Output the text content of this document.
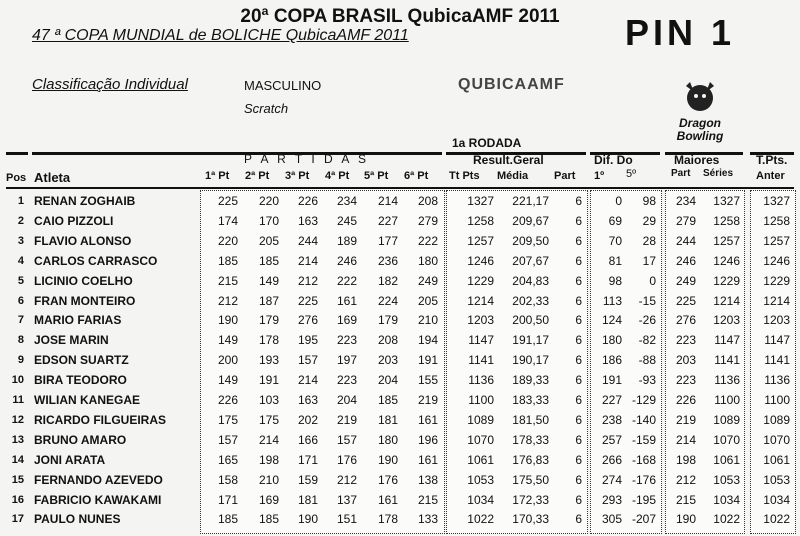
20ª COPA BRASIL QubicaAMF 2011
47 ª COPA MUNDIAL de BOLICHE QubicaAMF 2011
Classificação Individual	MASCULINO
Scratch
QUBICAAMF
PIN 1
Dragon Bowling
1a RODADA
P A R T I D A S	Result.Geral	Dif. Do	Maiores	T.Pts.
Pos Atleta	1ª Pt 2ª Pt 3ª Pt 4ª Pt 5ª Pt 6ª Pt Tt Pts Média Part 1º 5º	Part Séries Anter
1 RENAN ZOGHAIB	225 220 226 234 214 208 1327 221,17 6	0 98 234 1327 1327
2 CAIO PIZZOLI	174 170 163 245 227 279 1258 209,67 6 69 29 279 1258 1258
3 FLAVIO ALONSO	220 205 244 189 177 222 1257 209,50 6 70 28 244 1257 1257
4 CARLOS CARRASCO	185 185 214 246 236 180 1246 207,67 6 81 17 246 1246 1246
5 LICINIO COELHO	215 149 212 222 182 249 1229 204,83 6 98 0 249 1229 1229
6 FRAN MONTEIRO	212 187 225 161 224 205 1214 202,33 6 113 -15 225 1214 1214
7 MARIO FARIAS	190 179 276 169 179 210 1203 200,50 6 124 -26 276 1203 1203
8 JOSE MARIN	149 178 195 223 208 194	1147 191,17 6 180 -82 223 1147 1147
9 EDSON SUARTZ	200 193 157 197 203 191	1141 190,17 6 186 -88 203 1141 1141
10 BIRA TEODORO	149 191 214 223 204 155	1136 189,33 6 191 -93 223 1136 1136
11 WILIAN KANEGAE	226 103 163 204 185 219	1100 183,33 6 227 -129 226 1100 1100
12 RICARDO FILGUEIRAS	175 175 202 219 181 161 1089 181,50 6 238 -140 219 1089 1089
13 BRUNO AMARO	157 214 166 157 180 196 1070 178,33 6 257 -159 214 1070 1070
14 JONI ARATA	165 198 171 176 190 161 1061 176,83 6 266 -168 198 1061 1061
15 FERNANDO AZEVEDO	158 210 159 212 176 138 1053 175,50 6 274 -176 212 1053 1053
16 FABRICIO KAWAKAMI	171 169 181 137 161 215 1034 172,33 6 293 -195 215 1034 1034
17 PAULO NUNES	185 185 190 151 178 133 1022 170,33 6 305 -207 190 1022 1022
